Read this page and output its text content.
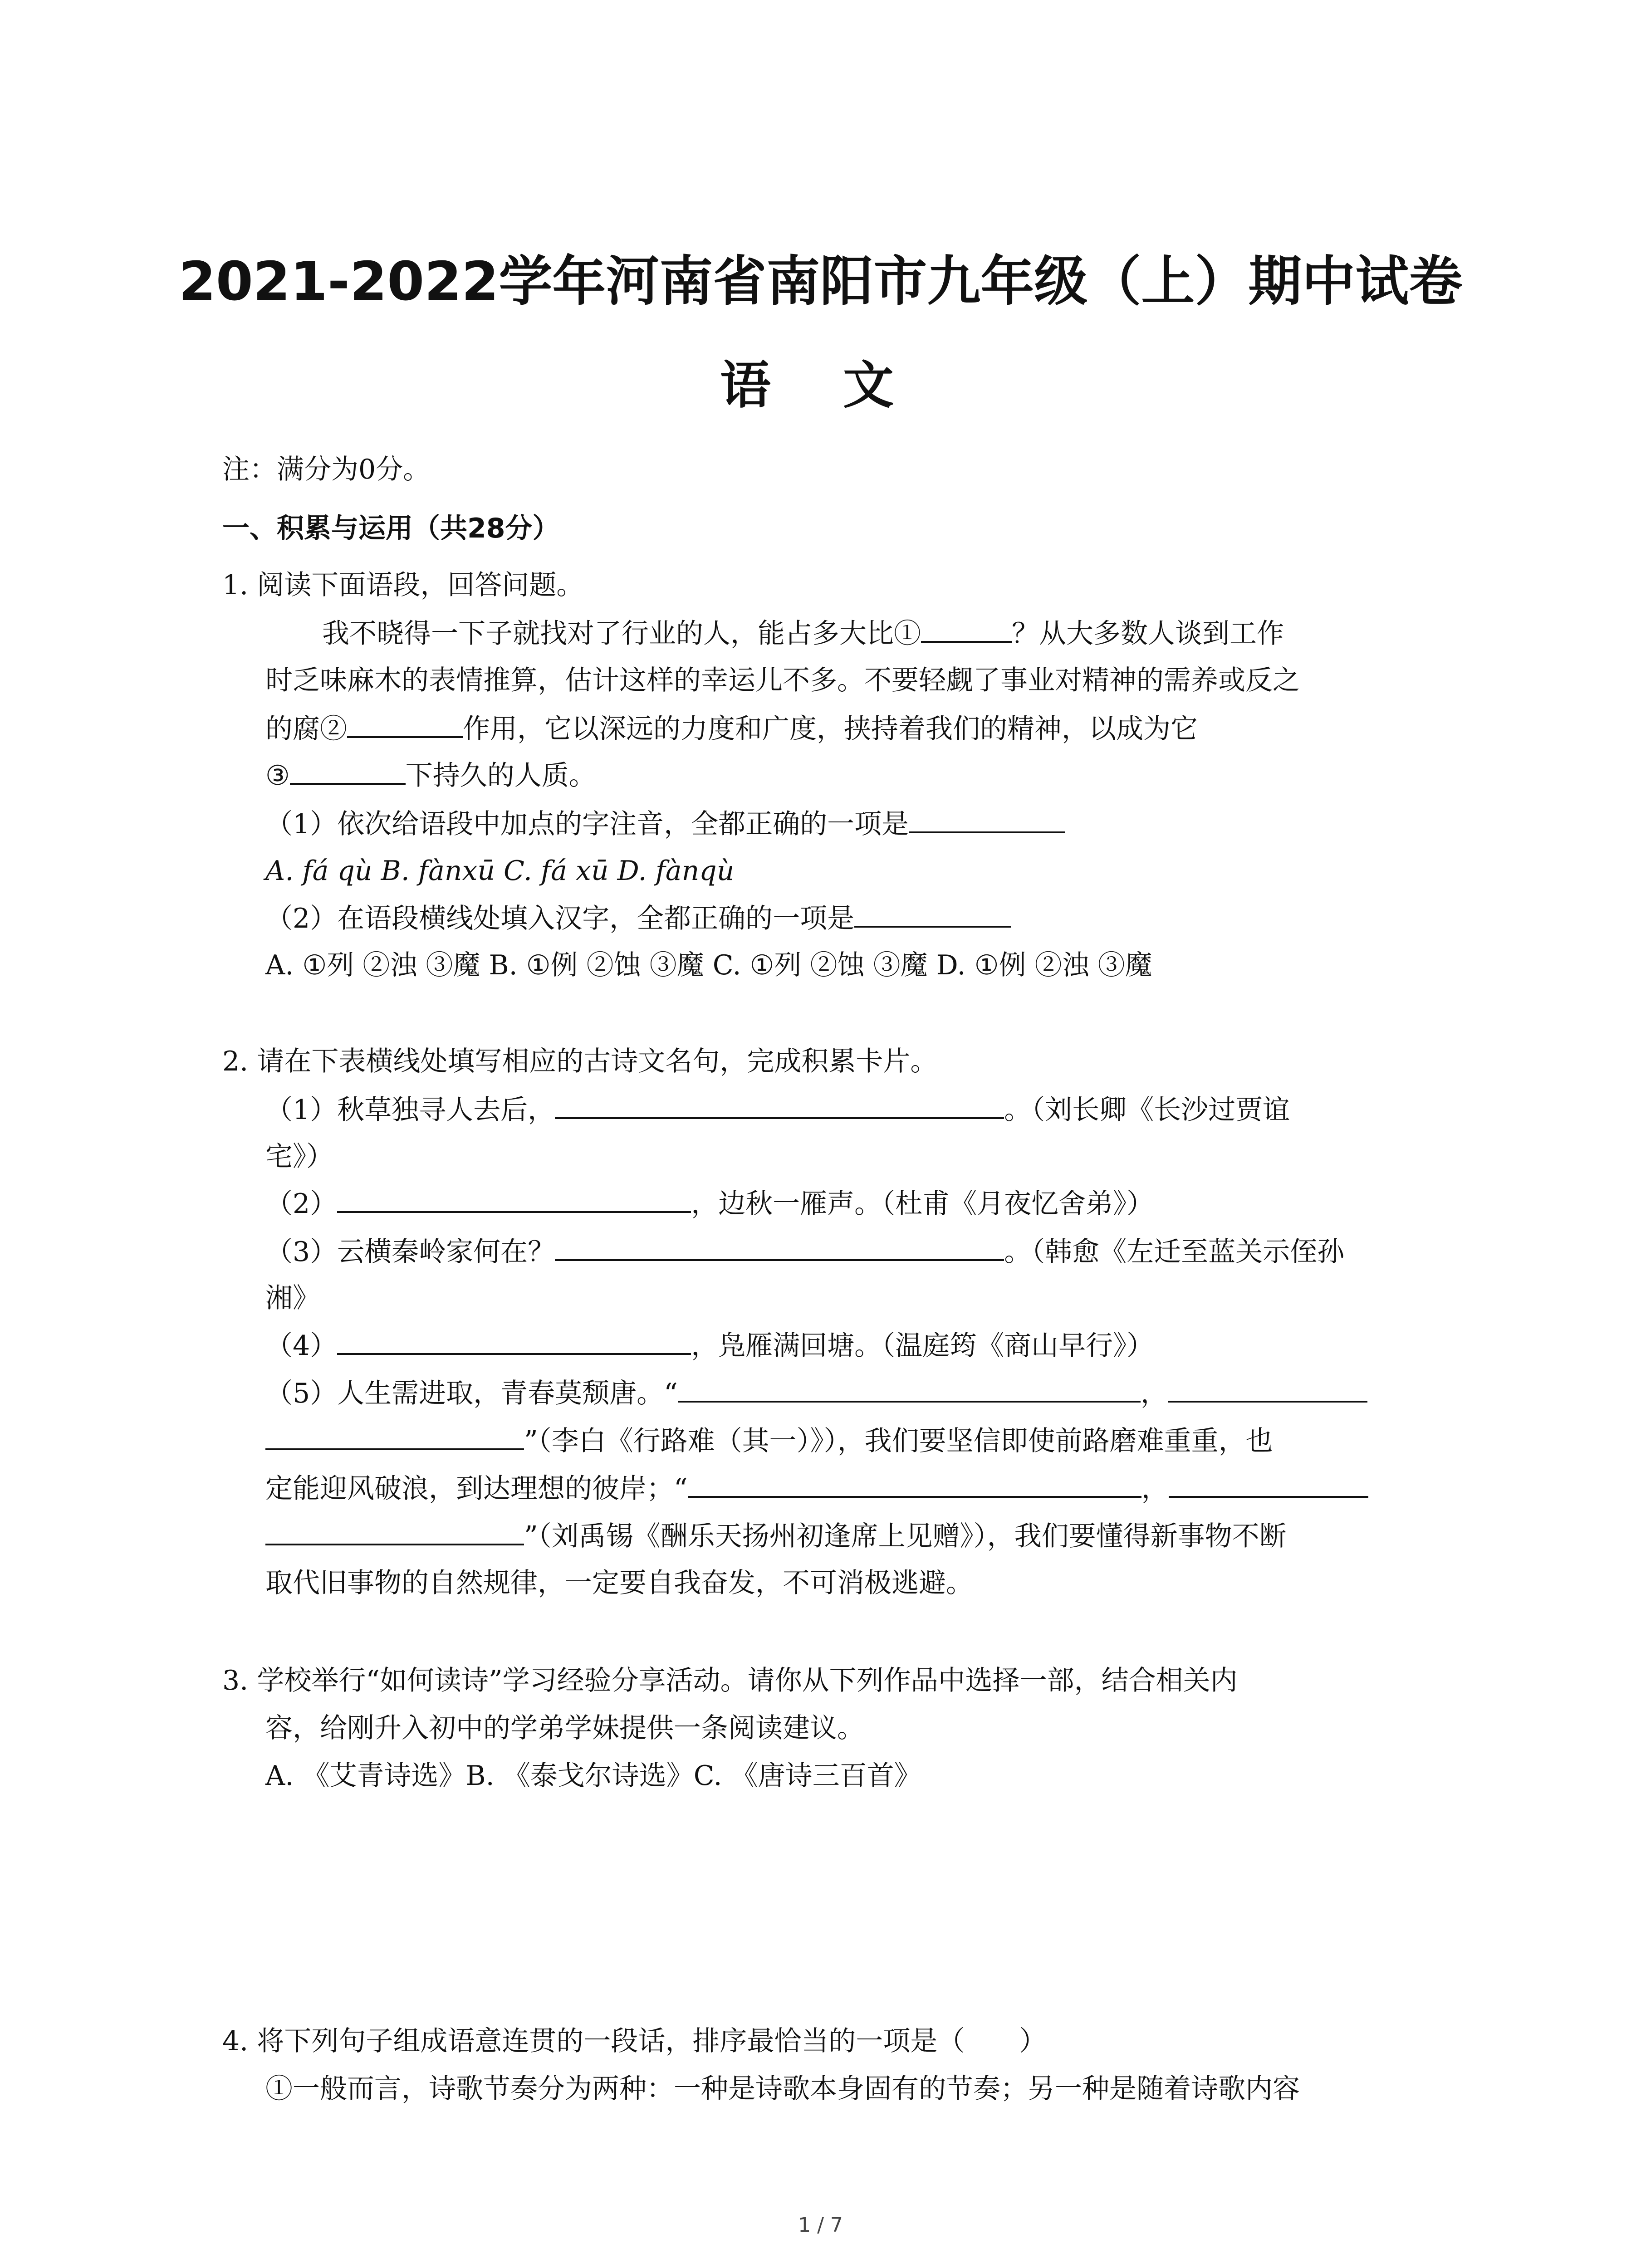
2021-2022学年河南省南阳市九年级（上）期中试卷
语 文
注：满分为0分。
一、积累与运用（共28分）
1. 阅读下面语段，回答问题。
我不晓得一下子就找对了行业的人，能占多大比①	？从大多数人谈到工作
时乏味麻木的表情推算，估计这样的幸运儿不多。不要轻觑了事业对精神的需养或反之
的腐②	作用，它以深远的力度和广度，挟持着我们的精神，以成为它
③	下持久的人质。
（1）依次给语段中加点的字注音，全都正确的一项是
A. fá qù B. fànxū C. fá xū D. fànqù
（2）在语段横线处填入汉字，全都正确的一项是
A. ①列 ②浊 ③魔 B. ①例 ②蚀 ③魔 C. ①列 ②蚀 ③魔 D. ①例 ②浊 ③魔
2. 请在下表横线处填写相应的古诗文名句，完成积累卡片。
（1）秋草独寻人去后，	。（刘长卿《长沙过贾谊
宅》）
（2）	，边秋一雁声。（杜甫《月夜忆舍弟》）
（3）云横秦岭家何在？	。（韩愈《左迁至蓝关示侄孙
湘》
（4）	，凫雁满回塘。（温庭筠《商山早行》）
（5）人生需进取，青春莫颓唐。“	，
”（李白《行路难（其一）》），我们要坚信即使前路磨难重重，也
定能迎风破浪，到达理想的彼岸；“	，
”（刘禹锡《酬乐天扬州初逢席上见赠》），我们要懂得新事物不断
取代旧事物的自然规律，一定要自我奋发，不可消极逃避。
3. 学校举行“如何读诗”学习经验分享活动。请你从下列作品中选择一部，结合相关内
容，给刚升入初中的学弟学妹提供一条阅读建议。
A. 《艾青诗选》B. 《泰戈尔诗选》C. 《唐诗三百首》
4. 将下列句子组成语意连贯的一段话，排序最恰当的一项是（　　）
①一般而言，诗歌节奏分为两种：一种是诗歌本身固有的节奏；另一种是随着诗歌内容
1 / 7
